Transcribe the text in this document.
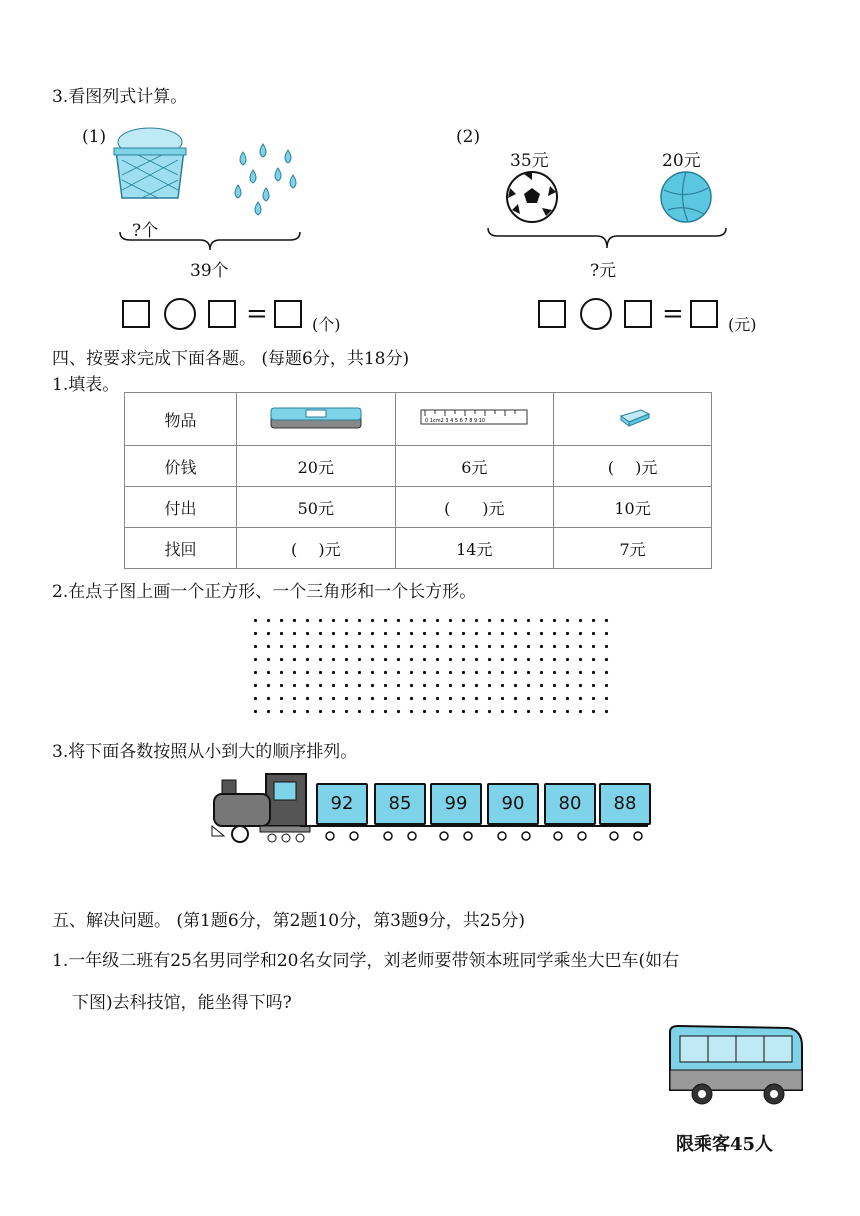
3.看图列式计算。
(1)
?个
39个
=	(个)
(2)
35元	20元
?元
=	(元)
四、按要求完成下面各题。 (每题6分，共18分)
1.填表。
物品		0 1cm2 3 4 5 6 7 8 9 10

价钱	20元	6元	(　 )元
付出	50元	(　　)元	10元
找回	(　 )元	14元	7元
2.在点子图上画一个正方形、一个三角形和一个长方形。
3.将下面各数按照从小到大的顺序排列。
92	85	99	90	80	88
五、解决问题。 (第1题6分，第2题10分，第3题9分，共25分)
1.一年级二班有25名男同学和20名女同学，刘老师要带领本班同学乘坐大巴车(如右
下图)去科技馆，能坐得下吗?
限乘客45人
